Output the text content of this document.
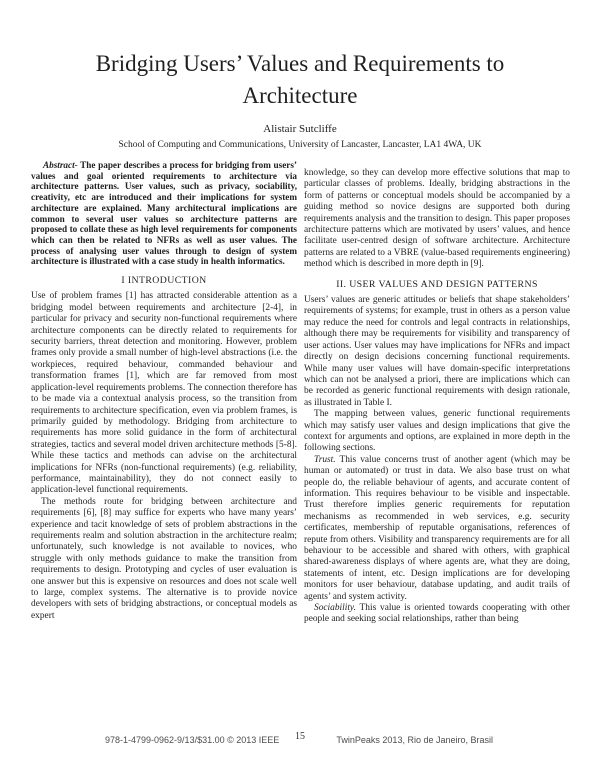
Bridging Users’ Values and Requirements to Architecture
Alistair Sutcliffe
School of Computing and Communications, University of Lancaster, Lancaster, LA1 4WA, UK

Abstract- The paper describes a process for bridging from users’ values and goal oriented requirements to architecture via architecture patterns. User values, such as privacy, sociability, creativity, etc are introduced and their implications for system architecture are explained. Many architectural implications are common to several user values so architecture patterns are proposed to collate these as high level requirements for components which can then be related to NFRs as well as user values. The process of analysing user values through to design of system architecture is illustrated with a case study in health informatics.

I INTRODUCTION

Use of problem frames [1] has attracted considerable attention as a bridging model between requirements and architecture [2-4], in particular for privacy and security non-functional requirements where architecture components can be directly related to requirements for security barriers, threat detection and monitoring. However, problem frames only provide a small number of high-level abstractions (i.e. the workpieces, required behaviour, commanded behaviour and transformation frames [1], which are far removed from most application-level requirements problems. The connection therefore has to be made via a contextual analysis process, so the transition from requirements to architecture specification, even via problem frames, is primarily guided by methodology. Bridging from architecture to requirements has more solid guidance in the form of architectural strategies, tactics and several model driven architecture methods [5-8]. While these tactics and methods can advise on the architectural implications for NFRs (non-functional requirements) (e.g. reliability, performance, maintainability), they do not connect easily to application-level functional requirements.

The methods route for bridging between architecture and requirements [6], [8] may suffice for experts who have many years’ experience and tacit knowledge of sets of problem abstractions in the requirements realm and solution abstraction in the architecture realm; unfortunately, such knowledge is not available to novices, who struggle with only methods guidance to make the transition from requirements to design. Prototyping and cycles of user evaluation is one answer but this is expensive on resources and does not scale well to large, complex systems. The alternative is to provide novice developers with sets of bridging abstractions, or conceptual models as expert

knowledge, so they can develop more effective solutions that map to particular classes of problems. Ideally, bridging abstractions in the form of patterns or conceptual models should be accompanied by a guiding method so novice designs are supported both during requirements analysis and the transition to design. This paper proposes architecture patterns which are motivated by users’ values, and hence facilitate user-centred design of software architecture. Architecture patterns are related to a VBRE (value-based requirements engineering) method which is described in more depth in [9].

II. USER VALUES AND DESIGN PATTERNS

Users’ values are generic attitudes or beliefs that shape stakeholders’ requirements of systems; for example, trust in others as a person value may reduce the need for controls and legal contracts in relationships, although there may be requirements for visibility and transparency of user actions. User values may have implications for NFRs and impact directly on design decisions concerning functional requirements. While many user values will have domain-specific interpretations which can not be analysed a priori, there are implications which can be recorded as generic functional requirements with design rationale, as illustrated in Table I.

The mapping between values, generic functional requirements which may satisfy user values and design implications that give the context for arguments and options, are explained in more depth in the following sections.

Trust. This value concerns trust of another agent (which may be human or automated) or trust in data. We also base trust on what people do, the reliable behaviour of agents, and accurate content of information. This requires behaviour to be visible and inspectable. Trust therefore implies generic requirements for reputation mechanisms as recommended in web services, e.g. security certificates, membership of reputable organisations, references of repute from others. Visibility and transparency requirements are for all behaviour to be accessible and shared with others, with graphical shared-awareness displays of where agents are, what they are doing, statements of intent, etc. Design implications are for developing monitors for user behaviour, database updating, and audit trails of agents’ and system activity.

Sociability. This value is oriented towards cooperating with other people and seeking social relationships, rather than being

978-1-4799-0962-9/13/$31.00 © 2013 IEEE 15	TwinPeaks 2013, Rio de Janeiro, Brasil
